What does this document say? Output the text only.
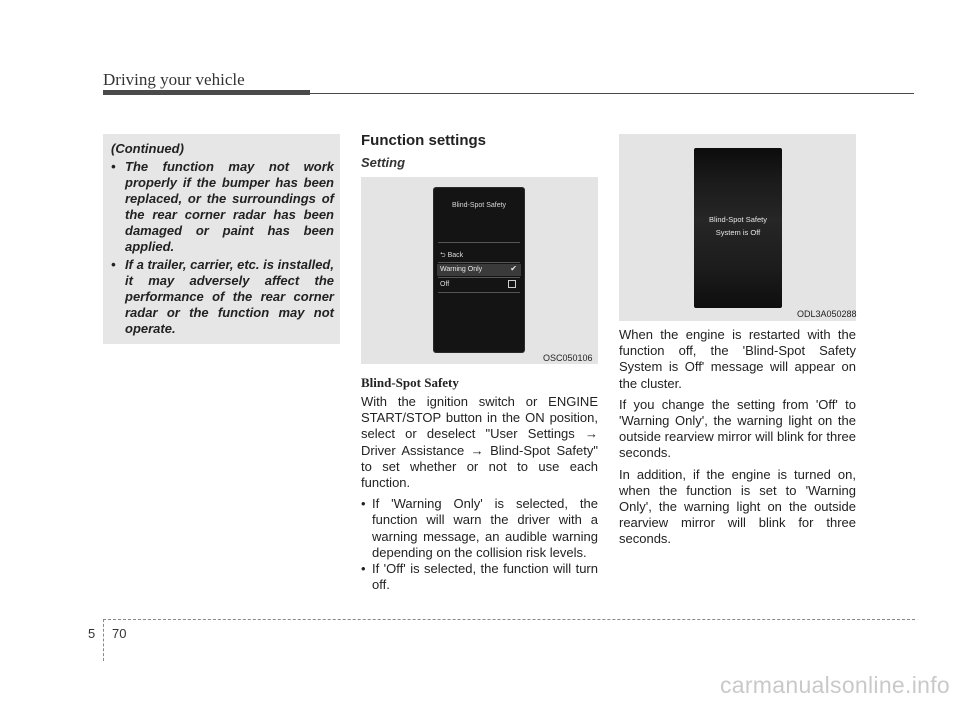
Driving your vehicle
(Continued)
• The function may not work properly if the bumper has been replaced, or the surroundings of the rear corner radar has been damaged or paint has been applied.
• If a trailer, carrier, etc. is installed, it may adversely affect the performance of the rear corner radar or the function may not operate.
Function settings
Setting
Blind-Spot Safety
⮌ Back
Warning Only	✔
Off
OSC050106
Blind-Spot Safety
With the ignition switch or ENGINE START/STOP button in the ON position, select or deselect "User Settings → Driver Assistance → Blind-Spot Safety" to set whether or not to use each function.
• If 'Warning Only' is selected, the function will warn the driver with a warning message, an audible warning depending on the collision risk levels.
• If 'Off' is selected, the function will turn off.
Blind-Spot Safety
System is Off
ODL3A050288
When the engine is restarted with the function off, the 'Blind-Spot Safety System is Off' message will appear on the cluster.
If you change the setting from 'Off' to 'Warning Only', the warning light on the outside rearview mirror will blink for three seconds.
In addition, if the engine is turned on, when the function is set to 'Warning Only', the warning light on the outside rearview mirror will blink for three seconds.
5 70
carmanualsonline.info
